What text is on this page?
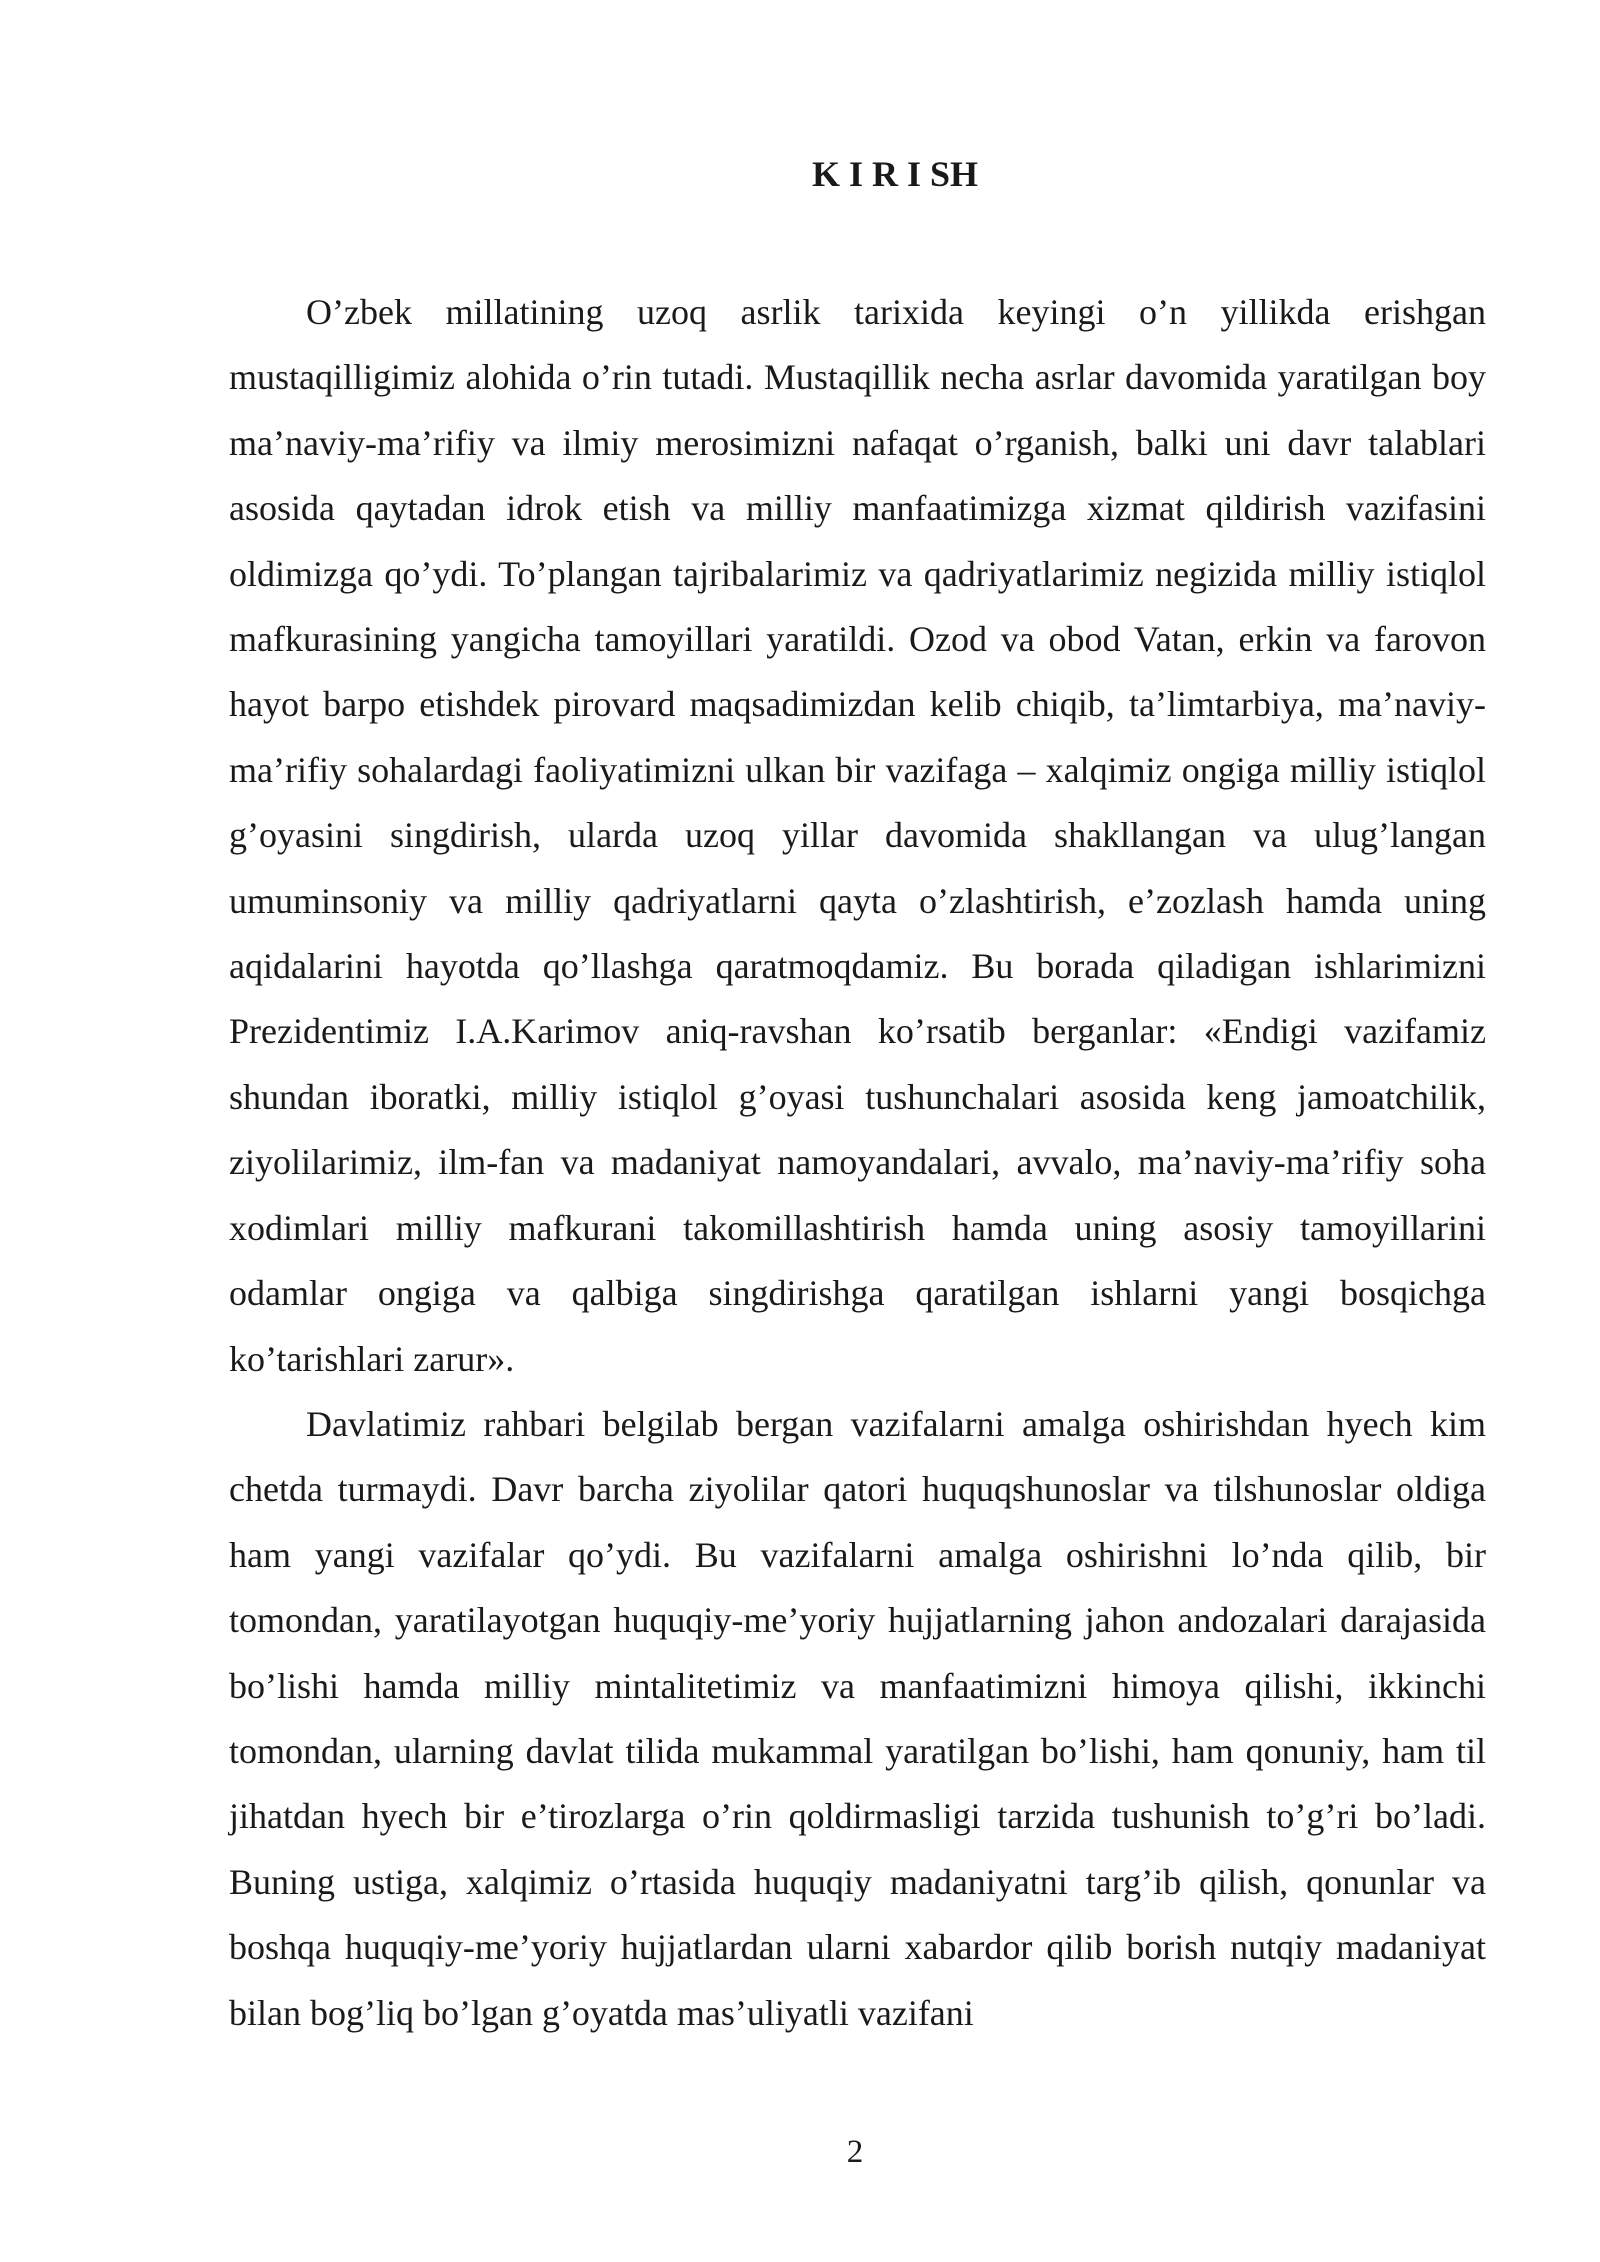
K I R I SH

O’zbek millatining uzoq asrlik tarixida keyingi o’n yillikda erishgan mustaqilligimiz alohida o’rin tutadi. Mustaqillik necha asrlar davomida yaratilgan boy ma’naviy-ma’rifiy va ilmiy merosimizni nafaqat o’rganish, balki uni davr talablari asosida qaytadan idrok etish va milliy manfaatimizga xizmat qildirish vazifasini oldimizga qo’ydi. To’plangan tajribalarimiz va qadriyatlarimiz negizida milliy istiqlol mafkurasining yangicha tamoyillari yaratildi. Ozod va obod Vatan, erkin va farovon hayot barpo etishdek pirovard maqsadimizdan kelib chiqib, ta’limtarbiya, ma’naviy-ma’rifiy sohalardagi faoliyatimizni ulkan bir vazifaga – xalqimiz ongiga milliy istiqlol g’oyasini singdirish, ularda uzoq yillar davomida shakllangan va ulug’langan umuminsoniy va milliy qadriyatlarni qayta o’zlashtirish, e’zozlash hamda uning aqidalarini hayotda qo’llashga qaratmoqdamiz. Bu borada qiladigan ishlarimizni Prezidentimiz I.A.Karimov aniq-ravshan ko’rsatib berganlar: «Endigi vazifamiz shundan iboratki, milliy istiqlol g’oyasi tushunchalari asosida keng jamoatchilik, ziyolilarimiz, ilm-fan va madaniyat namoyandalari, avvalo, ma’naviy-ma’rifiy soha xodimlari milliy mafkurani takomillashtirish hamda uning asosiy tamoyillarini odamlar ongiga va qalbiga singdirishga qaratilgan ishlarni yangi bosqichga ko’tarishlari zarur».

Davlatimiz rahbari belgilab bergan vazifalarni amalga oshirishdan hyech kim chetda turmaydi. Davr barcha ziyolilar qatori huquqshunoslar va tilshunoslar oldiga ham yangi vazifalar qo’ydi. Bu vazifalarni amalga oshirishni lo’nda qilib, bir tomondan, yaratilayotgan huquqiy-me’yoriy hujjatlarning jahon andozalari darajasida bo’lishi hamda milliy mintalitetimiz va manfaatimizni himoya qilishi, ikkinchi tomondan, ularning davlat tilida mukammal yaratilgan bo’lishi, ham qonuniy, ham til jihatdan hyech bir e’tirozlarga o’rin qoldirmasligi tarzida tushunish to’g’ri bo’ladi. Buning ustiga, xalqimiz o’rtasida huquqiy madaniyatni targ’ib qilish, qonunlar va boshqa huquqiy-me’yoriy hujjatlardan ularni xabardor qilib borish nutqiy madaniyat bilan bog’liq bo’lgan g’oyatda mas’uliyatli vazifani

2
